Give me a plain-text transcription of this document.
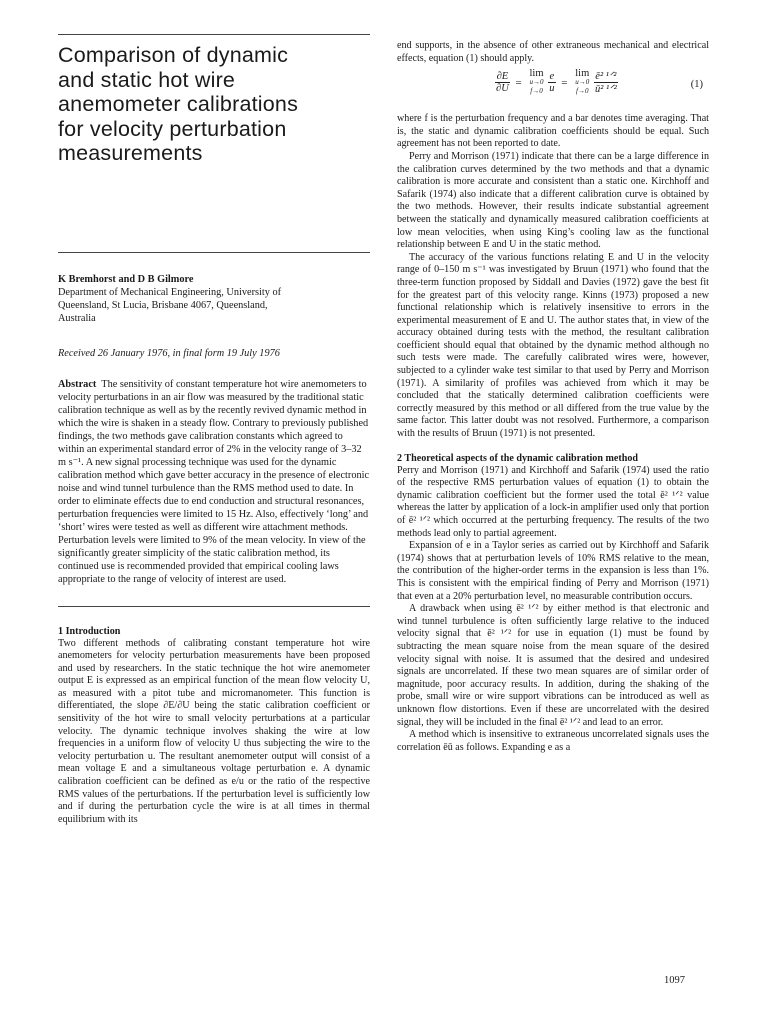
Comparison of dynamic
and static hot wire
anemometer calibrations
for velocity perturbation
measurements
K Bremhorst and D B Gilmore
Department of Mechanical Engineering, University of
Queensland, St Lucia, Brisbane 4067, Queensland,
Australia
Received 26 January 1976, in final form 19 July 1976
Abstract The sensitivity of constant temperature hot wire anemometers to velocity perturbations in an air flow was measured by the traditional static calibration technique as well as by the recently revived dynamic method in which the wire is shaken in a steady flow. Contrary to previously published findings, the two methods gave calibration constants which agreed to within an experimental standard error of 2% in the velocity range of 3–32 m s⁻¹. A new signal processing technique was used for the dynamic calibration method which gave better accuracy in the presence of electronic noise and wind tunnel turbulence than the RMS method used to date. In order to eliminate effects due to end conduction and structural resonances, perturbation frequencies were limited to 15 Hz. Also, effectively ‘long’ and ‘short’ wires were tested as well as different wire attachment methods. Perturbation levels were limited to 9% of the mean velocity. In view of the significantly greater simplicity of the static calibration method, its continued use is recommended provided that empirical cooling laws appropriate to the range of velocity of interest are used.
1 Introduction

Two different methods of calibrating constant temperature hot wire anemometers for velocity perturbation measurements have been proposed and used by researchers. In the static technique the hot wire anemometer output E is expressed as an empirical function of the mean flow velocity U, as measured with a pitot tube and micromanometer. This function is differentiated, the slope ∂E/∂U being the static calibration coefficient or sensitivity of the hot wire to small velocity perturbations at a particular velocity. The dynamic technique involves shaking the wire at low frequencies in a uniform flow of velocity U thus subjecting the wire to the velocity perturbation u. The resultant anemometer output will consist of a mean voltage E and a simultaneous voltage perturbation e. A dynamic calibration coefficient can be defined as e/u or the ratio of the respective RMS values of the perturbations. If the perturbation level is sufficiently low and if during the perturbation cycle the wire is at all times in thermal equilibrium with its

end supports, in the absence of other extraneous mechanical and electrical effects, equation (1) should apply.

$\frac{\partial E}{\partial U}$ =
lim
u→0
f→0
$\frac{e}{u}$ =
lim
u→0
f→0
$\frac{\text{ē² ¹ᐟ²}}{\text{ū² ¹ᐟ²}}$	(1)

where f is the perturbation frequency and a bar denotes time averaging. That is, the static and dynamic calibration coefficients should be equal. Such agreement has not been reported to date.

Perry and Morrison (1971) indicate that there can be a large difference in the calibration curves determined by the two methods and that a dynamic calibration is more accurate and consistent than a static one. Kirchhoff and Safarik (1974) also indicate that a different calibration curve is obtained by the two methods. However, their results indicate substantial agreement between the statically and dynamically measured calibration coefficients at low mean velocities, when using King’s cooling law as the functional relationship between E and U in the static method.

The accuracy of the various functions relating E and U in the velocity range of 0–150 m s⁻¹ was investigated by Bruun (1971) who found that the three-term function proposed by Siddall and Davies (1972) gave the best fit for the greatest part of this velocity range. Kinns (1973) proposed a new functional relationship which is relatively insensitive to errors in the experimental measurement of E and U. The author states that, in view of the accuracy obtained during tests with the method, the resultant calibration coefficient should equal that obtained by the dynamic method although no such tests were made. The carefully calibrated wires were, however, subjected to a cylinder wake test similar to that used by Perry and Morrison (1971). A similarity of profiles was achieved from which it may be concluded that the statically determined calibration coefficients were correctly measured by this method or all differed from the true value by the same factor. This latter doubt was not resolved. Furthermore, a comparison with the results of Bruun (1971) is not presented.

2 Theoretical aspects of the dynamic calibration method

Perry and Morrison (1971) and Kirchhoff and Safarik (1974) used the ratio of the respective RMS perturbation values of equation (1) to obtain the dynamic calibration coefficient but the former used the total ē² ¹ᐟ² value whereas the latter by application of a lock-in amplifier used only that portion of ē² ¹ᐟ² which occurred at the perturbing frequency. The results of the two methods lead only to partial agreement.

Expansion of e in a Taylor series as carried out by Kirchhoff and Safarik (1974) shows that at perturbation levels of 10% RMS relative to the mean, the contribution of the higher-order terms in the expansion is less than 1%. This is consistent with the empirical finding of Perry and Morrison (1971) that even at a 20% perturbation level, no measurable contribution occurs.

A drawback when using ē² ¹ᐟ² by either method is that electronic and wind tunnel turbulence is often sufficiently large relative to the induced velocity signal that ē² ¹ᐟ² for use in equation (1) must be found by subtracting the mean square noise from the mean square of the desired velocity signal with noise. It is assumed that the desired and undesired signals are uncorrelated. If these two mean squares are of similar order of magnitude, poor accuracy results. In addition, during the shaking of the probe, small wire or wire support vibrations can be introduced as well as unknown flow distortions. Even if these are uncorrelated with the desired signal, they will be included in the final ē² ¹ᐟ² and lead to an error.

A method which is insensitive to extraneous uncorrelated signals uses the correlation ēū as follows. Expanding e as a

1097
